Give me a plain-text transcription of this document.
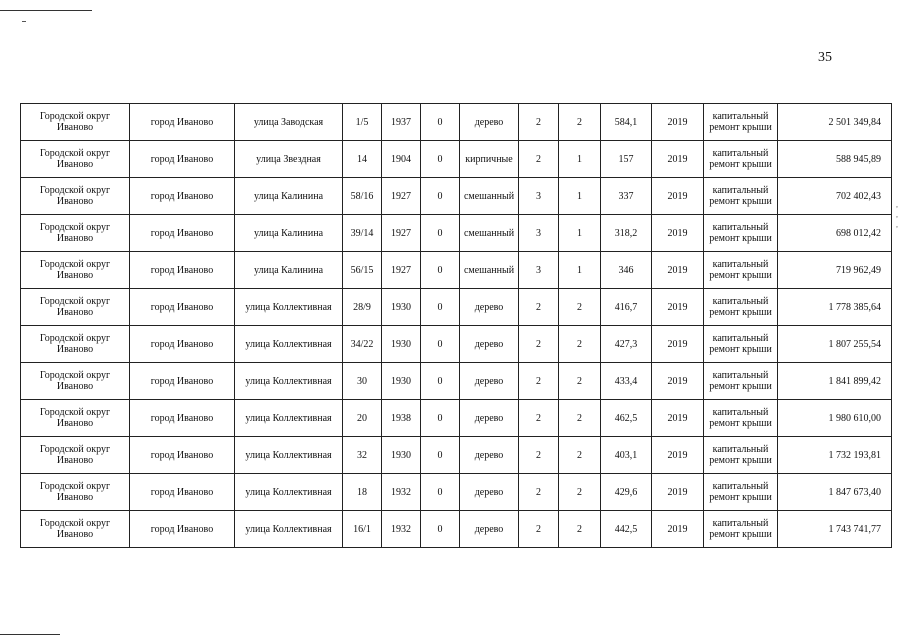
35
,
,
,
Городской округ Иваново	город Иваново	улица Заводская	1/5	1937	0	дерево	2	2	584,1	2019	капитальный ремонт крыши	2 501 349,84
Городской округ Иваново	город Иваново	улица Звездная	14	1904	0	кирпичные	2	1	157	2019	капитальный ремонт крыши	588 945,89
Городской округ Иваново	город Иваново	улица Калинина	58/16	1927	0	смешанный	3	1	337	2019	капитальный ремонт крыши	702 402,43
Городской округ Иваново	город Иваново	улица Калинина	39/14	1927	0	смешанный	3	1	318,2	2019	капитальный ремонт крыши	698 012,42
Городской округ Иваново	город Иваново	улица Калинина	56/15	1927	0	смешанный	3	1	346	2019	капитальный ремонт крыши	719 962,49
Городской округ Иваново	город Иваново	улица Коллективная	28/9	1930	0	дерево	2	2	416,7	2019	капитальный ремонт крыши	1 778 385,64
Городской округ Иваново	город Иваново	улица Коллективная	34/22	1930	0	дерево	2	2	427,3	2019	капитальный ремонт крыши	1 807 255,54
Городской округ Иваново	город Иваново	улица Коллективная	30	1930	0	дерево	2	2	433,4	2019	капитальный ремонт крыши	1 841 899,42
Городской округ Иваново	город Иваново	улица Коллективная	20	1938	0	дерево	2	2	462,5	2019	капитальный ремонт крыши	1 980 610,00
Городской округ Иваново	город Иваново	улица Коллективная	32	1930	0	дерево	2	2	403,1	2019	капитальный ремонт крыши	1 732 193,81
Городской округ Иваново	город Иваново	улица Коллективная	18	1932	0	дерево	2	2	429,6	2019	капитальный ремонт крыши	1 847 673,40
Городской округ Иваново	город Иваново	улица Коллективная	16/1	1932	0	дерево	2	2	442,5	2019	капитальный ремонт крыши	1 743 741,77
